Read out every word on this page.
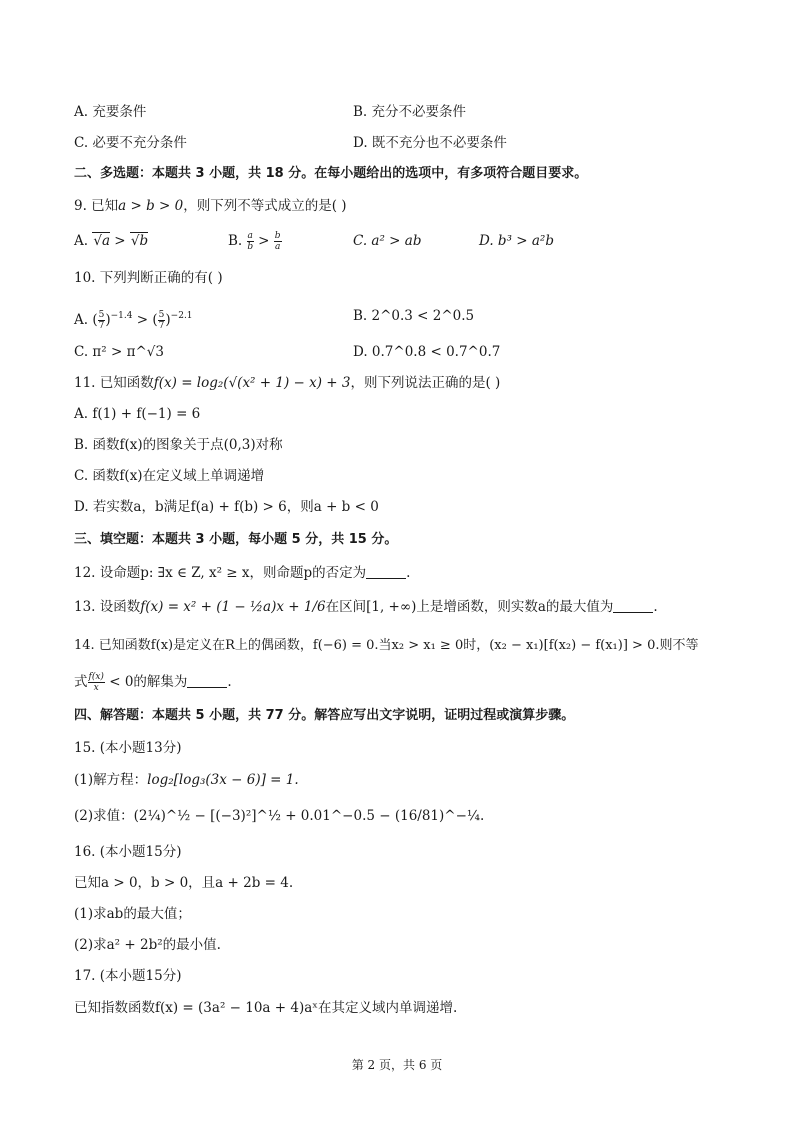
A. 充要条件	B. 充分不必要条件
C. 必要不充分条件	D. 既不充分也不必要条件
二、多选题：本题共 3 小题，共 18 分。在每小题给出的选项中，有多项符合题目要求。
9. 已知a > b > 0，则下列不等式成立的是( )
A. √a > √b	B. $\frac{a}{b} > \frac{b}{a}$	C. a² > ab	D. b³ > a²b
10. 下列判断正确的有( )
A. ( $\frac{5}{7} )^{-1.4}$ > ( $\frac{5}{7} )^{-2.1}$	B. 2^0.3 < 2^0.5
C. π² > π^√3	D. 0.7^0.8 < 0.7^0.7
11. 已知函数f(x) = log₂(√(x² + 1) − x) + 3，则下列说法正确的是( )
A. f(1) + f(−1) = 6
B. 函数f(x)的图象关于点(0,3)对称
C. 函数f(x)在定义域上单调递增
D. 若实数a，b满足f(a) + f(b) > 6，则a + b < 0
三、填空题：本题共 3 小题，每小题 5 分，共 15 分。
12. 设命题p: ∃x ∈ Z, x² ≥ x，则命题p的否定为	.
13. 设函数f(x) = x² + (1 − ½a)x + 1/6在区间[1, +∞)上是增函数，则实数a的最大值为	.
14. 已知函数f(x)是定义在R上的偶函数，f(−6) = 0.当x₂ > x₁ ≥ 0时，(x₂ − x₁)[f(x₂) − f(x₁)] > 0.则不等
式 $\frac{f(x)}{x} < 0$的解集为	.
四、解答题：本题共 5 小题，共 77 分。解答应写出文字说明，证明过程或演算步骤。
15. (本小题13分)
(1)解方程：log₂[log₃(3x − 6)] = 1.
(2)求值：(2¼)^½ − [(−3)²]^½ + 0.01^−0.5 − (16/81)^−¼.
16. (本小题15分)
已知a > 0，b > 0，且a + 2b = 4.
(1)求ab的最大值；
(2)求a² + 2b²的最小值.
17. (本小题15分)
已知指数函数f(x) = (3a² − 10a + 4)aˣ在其定义域内单调递增.
第 2 页，共 6 页
